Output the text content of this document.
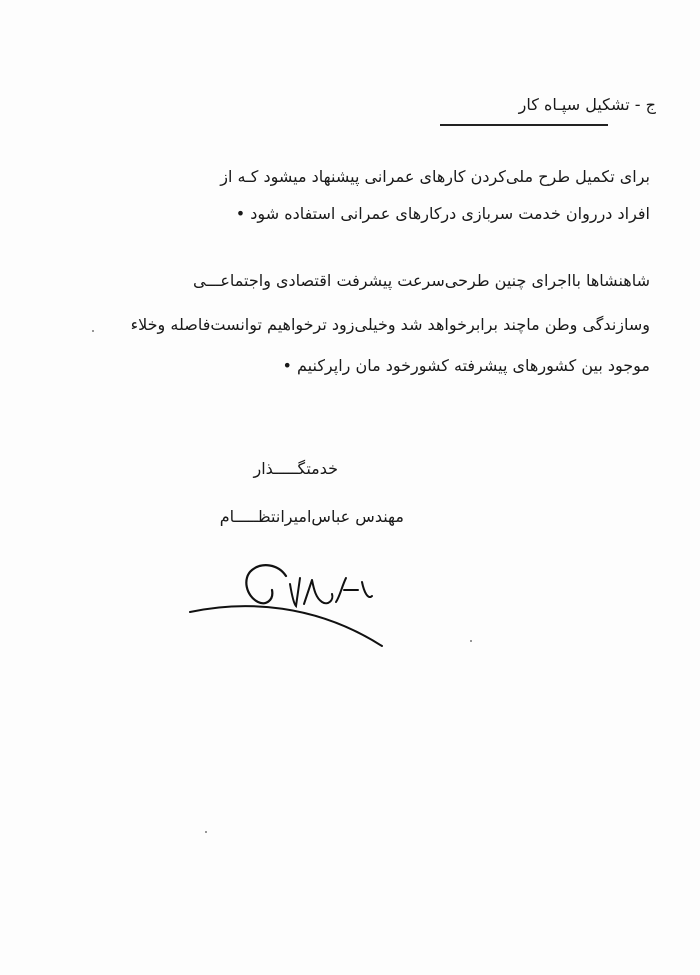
ج - تشکیل سپـاه کار
برای تکمیل طرح ملی‌کردن کارهای عمرانی پیشنهاد میشود کـه از
افراد درروان خدمت سربازی درکارهای عمرانی استفاده شود •
شاهنشاها بااجرای چنین طرحی‌سرعت پیشرفت اقتصادی واجتماعـــی
وسازندگی وطن ماچند برابرخواهد شد وخیلی‌زود ترخواهیم توانست‌فاصله وخلاء
موجود بین کشورهای پیشرفته کشورخود مان راپرکنیم •
خدمتگـــــذار
مهندس عباس‌امیرانتظـــــام
